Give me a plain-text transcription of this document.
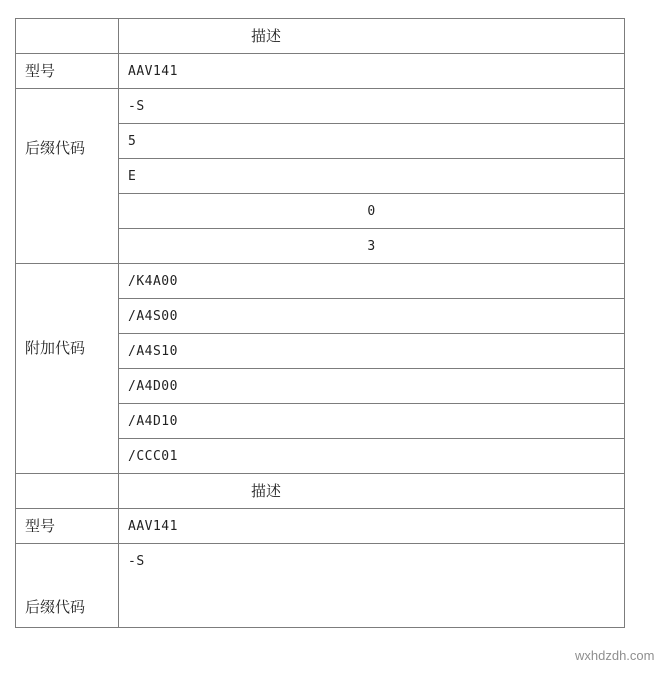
	描述
型号	AAV141
后缀代码	-S
	5
	E
	0
	3
附加代码	/K4A00
	/A4S00
	/A4S10
	/A4D00
	/A4D10
	/CCC01
	描述
型号	AAV141
后缀代码	-S
wxhdzdh.com
